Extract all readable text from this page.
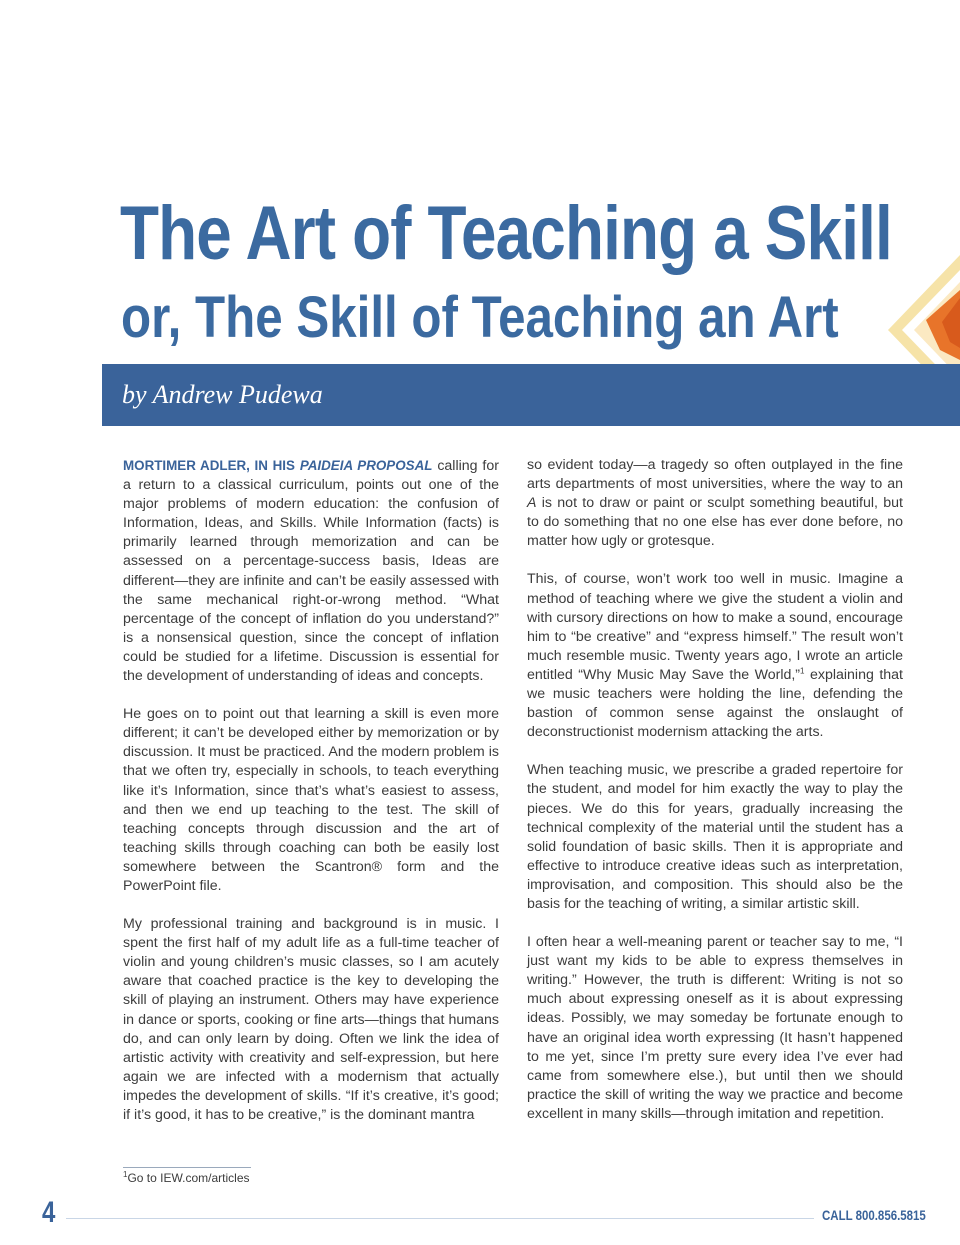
The Art of Teaching a Skill
or, The Skill of Teaching an Art
by Andrew Pudewa

MORTIMER ADLER, IN HIS PAIDEIA PROPOSAL calling for a return to a classical curriculum, points out one of the major problems of modern education: the confusion of Information, Ideas, and Skills. While Information (facts) is primarily learned through memorization and can be assessed on a percentage-success basis, Ideas are different—they are infinite and can’t be easily assessed with the same mechanical right-or-wrong method. “What percentage of the concept of inflation do you understand?” is a nonsensical question, since the concept of inflation could be studied for a lifetime. Discussion is essential for the development of understanding of ideas and concepts.

He goes on to point out that learning a skill is even more different; it can’t be developed either by memorization or by discussion. It must be practiced. And the modern problem is that we often try, especially in schools, to teach everything like it’s Information, since that’s what’s easiest to assess, and then we end up teaching to the test. The skill of teaching concepts through discussion and the art of teaching skills through coaching can both be easily lost somewhere between the Scantron® form and the PowerPoint file.

My professional training and background is in music. I spent the first half of my adult life as a full-time teacher of violin and young children’s music classes, so I am acutely aware that coached practice is the key to developing the skill of playing an instrument. Others may have experience in dance or sports, cooking or fine arts—things that humans do, and can only learn by doing. Often we link the idea of artistic activity with creativity and self-expression, but here again we are infected with a modernism that actually impedes the development of skills. “If it’s creative, it’s good; if it’s good, it has to be creative,” is the dominant mantra

so evident today—a tragedy so often outplayed in the fine arts departments of most universities, where the way to an A is not to draw or paint or sculpt something beautiful, but to do something that no one else has ever done before, no matter how ugly or grotesque.

This, of course, won’t work too well in music. Imagine a method of teaching where we give the student a violin and with cursory directions on how to make a sound, encourage him to “be creative” and “express himself.” The result won’t much resemble music. Twenty years ago, I wrote an article entitled “Why Music May Save the World,”$^1$ explaining that we music teachers were holding the line, defending the bastion of common sense against the onslaught of deconstructionist modernism attacking the arts.

When teaching music, we prescribe a graded repertoire for the student, and model for him exactly the way to play the pieces. We do this for years, gradually increasing the technical complexity of the material until the student has a solid foundation of basic skills. Then it is appropriate and effective to introduce creative ideas such as interpretation, improvisation, and composition. This should also be the basis for the teaching of writing, a similar artistic skill.

I often hear a well-meaning parent or teacher say to me, “I just want my kids to be able to express themselves in writing.” However, the truth is different: Writing is not so much about expressing oneself as it is about expressing ideas. Possibly, we may someday be fortunate enough to have an original idea worth expressing (It hasn’t happened to me yet, since I’m pretty sure every idea I’ve ever had came from somewhere else.), but until then we should practice the skill of writing the way we practice and become excellent in many skills—through imitation and repetition.

$^1$Go to IEW.com/articles
4	CALL 800.856.5815
